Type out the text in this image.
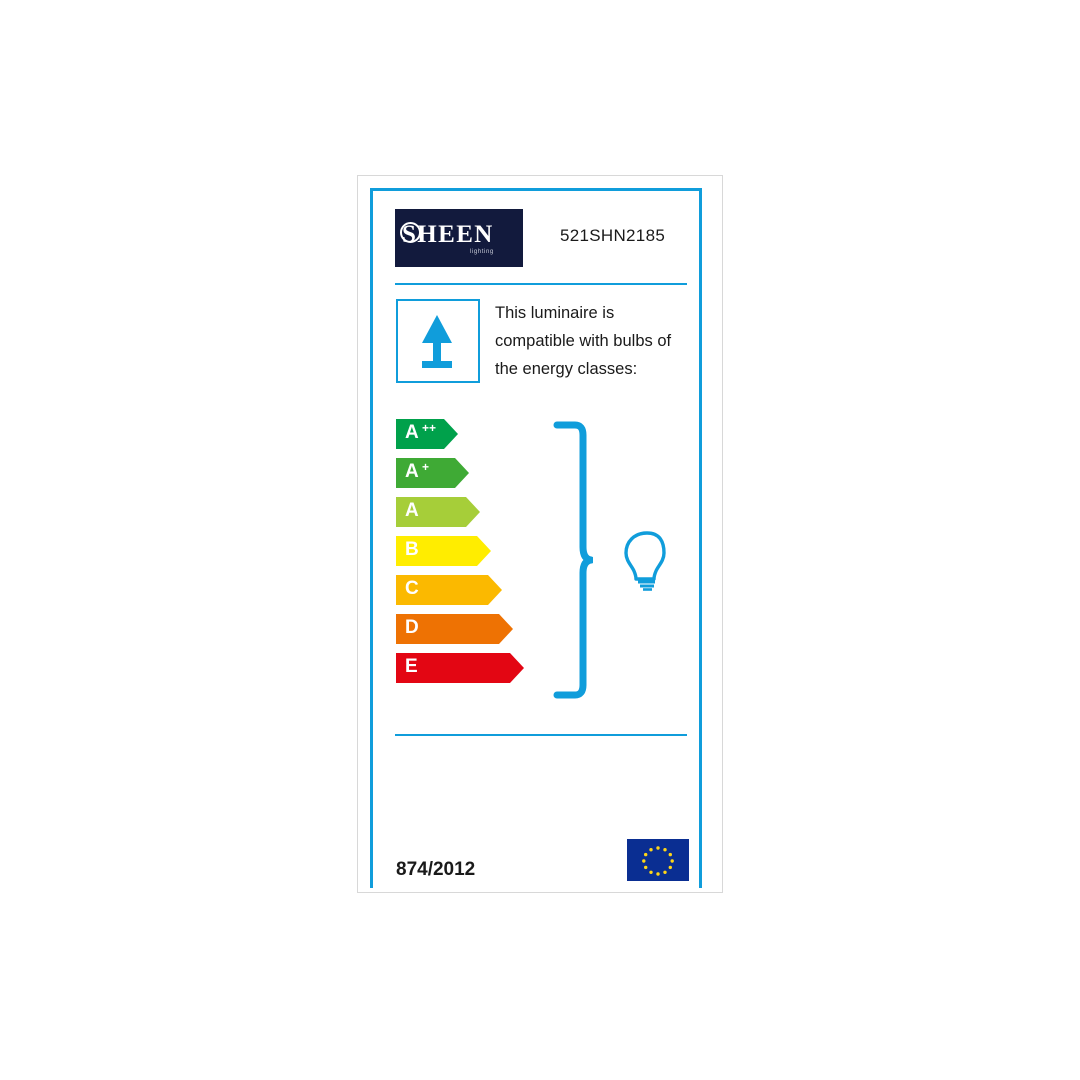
SHEEN
lighting
521SHN2185
This luminaire is compatible with bulbs of the energy classes:
A ++
A +
A
B
C
D
E
874/2012
